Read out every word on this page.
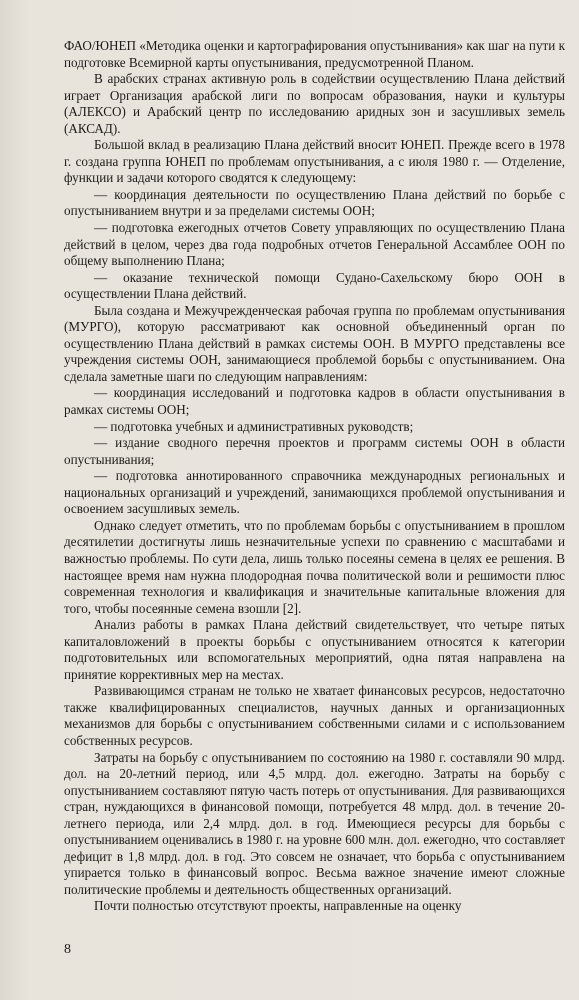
ФАО/ЮНЕП «Методика оценки и картографирования опустынивания» как шаг на пути к подготовке Всемирной карты опустынивания, предусмотренной Планом.

В арабских странах активную роль в содействии осуществлению Плана действий играет Организация арабской лиги по вопросам образования, науки и культуры (АЛЕКСО) и Арабский центр по исследованию аридных зон и засушливых земель (АКСАД).

Большой вклад в реализацию Плана действий вносит ЮНЕП. Прежде всего в 1978 г. создана группа ЮНЕП по проблемам опустынивания, а с июля 1980 г. — Отделение, функции и задачи которого сводятся к следующему:

— координация деятельности по осуществлению Плана действий по борьбе с опустыниванием внутри и за пределами системы ООН;

— подготовка ежегодных отчетов Совету управляющих по осуществлению Плана действий в целом, через два года подробных отчетов Генеральной Ассамблее ООН по общему выполнению Плана;

— оказание технической помощи Судано-Сахельскому бюро ООН в осуществлении Плана действий.

Была создана и Межучрежденческая рабочая группа по проблемам опустынивания (МУРГО), которую рассматривают как основной объединенный орган по осуществлению Плана действий в рамках системы ООН. В МУРГО представлены все учреждения системы ООН, занимающиеся проблемой борьбы с опустыниванием. Она сделала заметные шаги по следующим направлениям:

— координация исследований и подготовка кадров в области опустынивания в рамках системы ООН;

— подготовка учебных и административных руководств;

— издание сводного перечня проектов и программ системы ООН в области опустынивания;

— подготовка аннотированного справочника международных региональных и национальных организаций и учреждений, занимающихся проблемой опустынивания и освоением засушливых земель.

Однако следует отметить, что по проблемам борьбы с опустыниванием в прошлом десятилетии достигнуты лишь незначительные успехи по сравнению с масштабами и важностью проблемы. По сути дела, лишь только посеяны семена в целях ее решения. В настоящее время нам нужна плодородная почва политической воли и решимости плюс современная технология и квалификация и значительные капитальные вложения для того, чтобы посеянные семена взошли [2].

Анализ работы в рамках Плана действий свидетельствует, что четыре пятых капиталовложений в проекты борьбы с опустыниванием относятся к категории подготовительных или вспомогательных мероприятий, одна пятая направлена на принятие коррективных мер на местах.

Развивающимся странам не только не хватает финансовых ресурсов, недостаточно также квалифицированных специалистов, научных данных и организационных механизмов для борьбы с опустыниванием собственными силами и с использованием собственных ресурсов.

Затраты на борьбу с опустыниванием по состоянию на 1980 г. составляли 90 млрд. дол. на 20-летний период, или 4,5 млрд. дол. ежегодно. Затраты на борьбу с опустыниванием составляют пятую часть потерь от опустынивания. Для развивающихся стран, нуждающихся в финансовой помощи, потребуется 48 млрд. дол. в течение 20-летнего периода, или 2,4 млрд. дол. в год. Имеющиеся ресурсы для борьбы с опустыниванием оценивались в 1980 г. на уровне 600 млн. дол. ежегодно, что составляет дефицит в 1,8 млрд. дол. в год. Это совсем не означает, что борьба с опустыниванием упирается только в финансовый вопрос. Весьма важное значение имеют сложные политические проблемы и деятельность общественных организаций.

Почти полностью отсутствуют проекты, направленные на оценку

8
